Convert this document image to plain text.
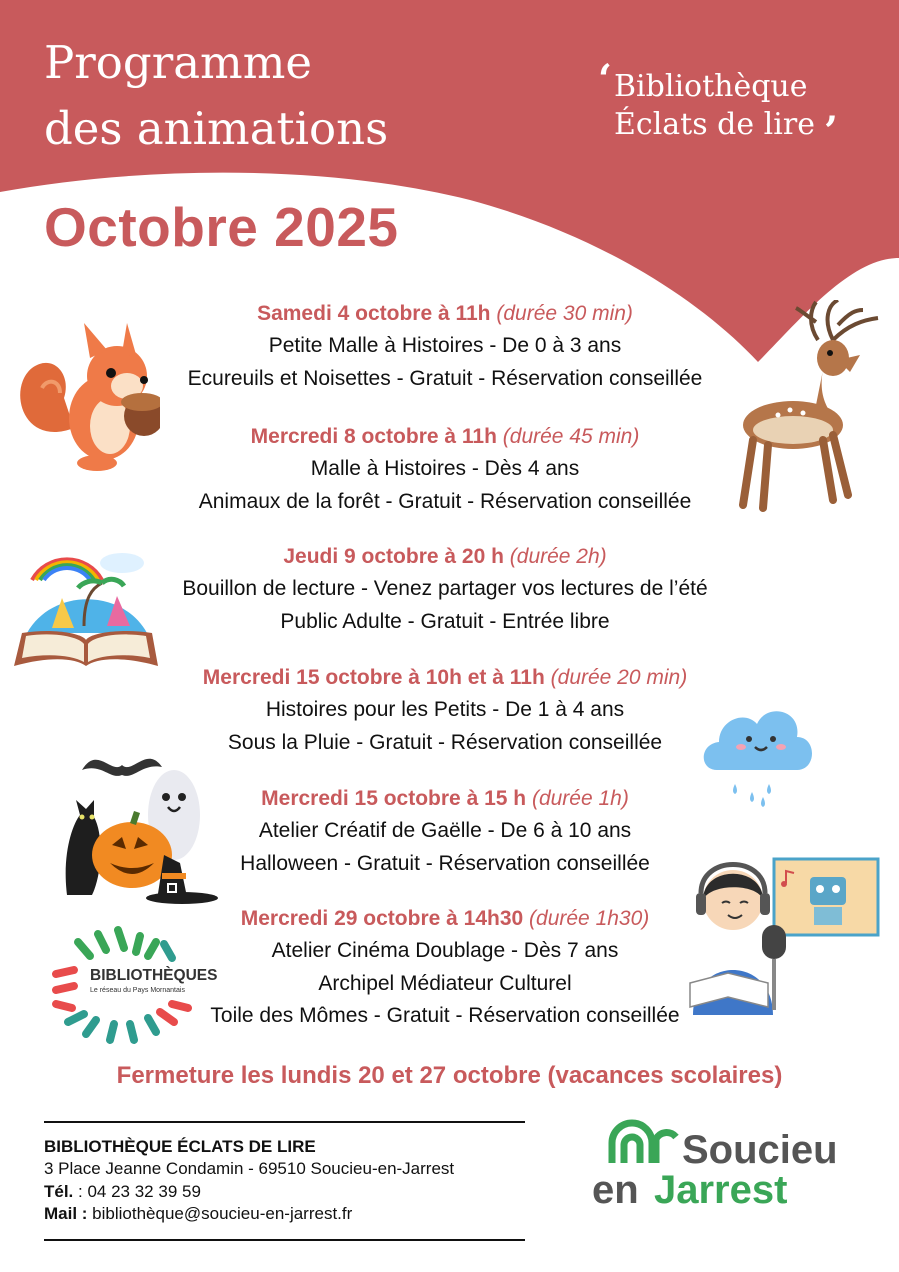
Programme
des animations
‘ Bibliothèque
Éclats de lire ’
Octobre 2025
Samedi 4 octobre à 11h (durée 30 min)
Petite Malle à Histoires - De 0 à 3 ans
Ecureuils et Noisettes - Gratuit - Réservation conseillée
Mercredi 8 octobre à 11h (durée 45 min)
Malle à Histoires - Dès 4 ans
Animaux de la forêt - Gratuit - Réservation conseillée
Jeudi 9 octobre à 20 h (durée 2h)
Bouillon de lecture - Venez partager vos lectures de l’été
Public Adulte - Gratuit - Entrée libre
Mercredi 15 octobre à 10h et à 11h (durée 20 min)
Histoires pour les Petits - De 1 à 4 ans
Sous la Pluie - Gratuit - Réservation conseillée
Mercredi 15 octobre à 15 h (durée 1h)
Atelier Créatif de Gaëlle - De 6 à 10 ans
Halloween - Gratuit - Réservation conseillée
Mercredi 29 octobre à 14h30 (durée 1h30)
Atelier Cinéma Doublage - Dès 7 ans
Archipel Médiateur Culturel
Toile des Mômes - Gratuit - Réservation conseillée
BIBLIOTHÈQUES
Le réseau du Pays Mornantais
Fermeture les lundis 20 et 27 octobre (vacances scolaires)
BIBLIOTHÈQUE ÉCLATS DE LIRE
3 Place Jeanne Condamin - 69510 Soucieu-en-Jarrest
Tél. : 04 23 32 39 59
Mail : bibliothèque@soucieu-en-jarrest.fr
Soucieu
en Jarrest
